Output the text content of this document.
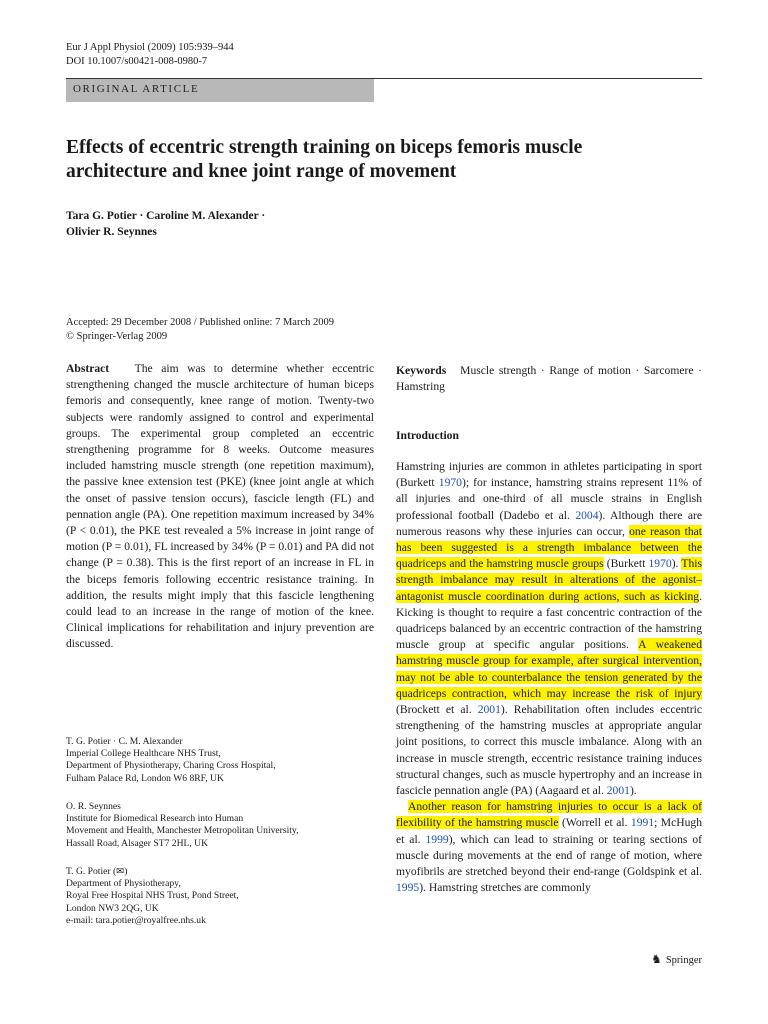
Eur J Appl Physiol (2009) 105:939–944
DOI 10.1007/s00421-008-0980-7
ORIGINAL ARTICLE
Effects of eccentric strength training on biceps femoris muscle architecture and knee joint range of movement
Tara G. Potier · Caroline M. Alexander ·
Olivier R. Seynnes
Accepted: 29 December 2008 / Published online: 7 March 2009
© Springer-Verlag 2009

Abstract The aim was to determine whether eccentric strengthening changed the muscle architecture of human biceps femoris and consequently, knee range of motion. Twenty-two subjects were randomly assigned to control and experimental groups. The experimental group completed an eccentric strengthening programme for 8 weeks. Outcome measures included hamstring muscle strength (one repetition maximum), the passive knee extension test (PKE) (knee joint angle at which the onset of passive tension occurs), fascicle length (FL) and pennation angle (PA). One repetition maximum increased by 34% (P < 0.01), the PKE test revealed a 5% increase in joint range of motion (P = 0.01), FL increased by 34% (P = 0.01) and PA did not change (P = 0.38). This is the first report of an increase in FL in the biceps femoris following eccentric resistance training. In addition, the results might imply that this fascicle lengthening could lead to an increase in the range of motion of the knee. Clinical implications for rehabilitation and injury prevention are discussed.

T. G. Potier · C. M. Alexander

Imperial College Healthcare NHS Trust,

Department of Physiotherapy, Charing Cross Hospital,

Fulham Palace Rd, London W6 8RF, UK

O. R. Seynnes

Institute for Biomedical Research into Human

Movement and Health, Manchester Metropolitan University,

Hassall Road, Alsager ST7 2HL, UK

T. G. Potier (✉)

Department of Physiotherapy,

Royal Free Hospital NHS Trust, Pond Street,

London NW3 2QG, UK

e-mail: tara.potier@royalfree.nhs.uk

Keywords Muscle strength · Range of motion · Sarcomere · Hamstring

Introduction

Hamstring injuries are common in athletes participating in sport (Burkett 1970); for instance, hamstring strains represent 11% of all injuries and one-third of all muscle strains in English professional football (Dadebo et al. 2004). Although there are numerous reasons why these injuries can occur, one reason that has been suggested is a strength imbalance between the quadriceps and the hamstring muscle groups (Burkett 1970). This strength imbalance may result in alterations of the agonist–antagonist muscle coordination during actions, such as kicking. Kicking is thought to require a fast concentric contraction of the quadriceps balanced by an eccentric contraction of the hamstring muscle group at specific angular positions. A weakened hamstring muscle group for example, after surgical intervention, may not be able to counterbalance the tension generated by the quadriceps contraction, which may increase the risk of injury (Brockett et al. 2001). Rehabilitation often includes eccentric strengthening of the hamstring muscles at appropriate angular joint positions, to correct this muscle imbalance. Along with an increase in muscle strength, eccentric resistance training induces structural changes, such as muscle hypertrophy and an increase in fascicle pennation angle (PA) (Aagaard et al. 2001).

Another reason for hamstring injuries to occur is a lack of flexibility of the hamstring muscle (Worrell et al. 1991; McHugh et al. 1999), which can lead to straining or tearing sections of muscle during movements at the end of range of motion, where myofibrils are stretched beyond their end-range (Goldspink et al. 1995). Hamstring stretches are commonly

♞ Springer
